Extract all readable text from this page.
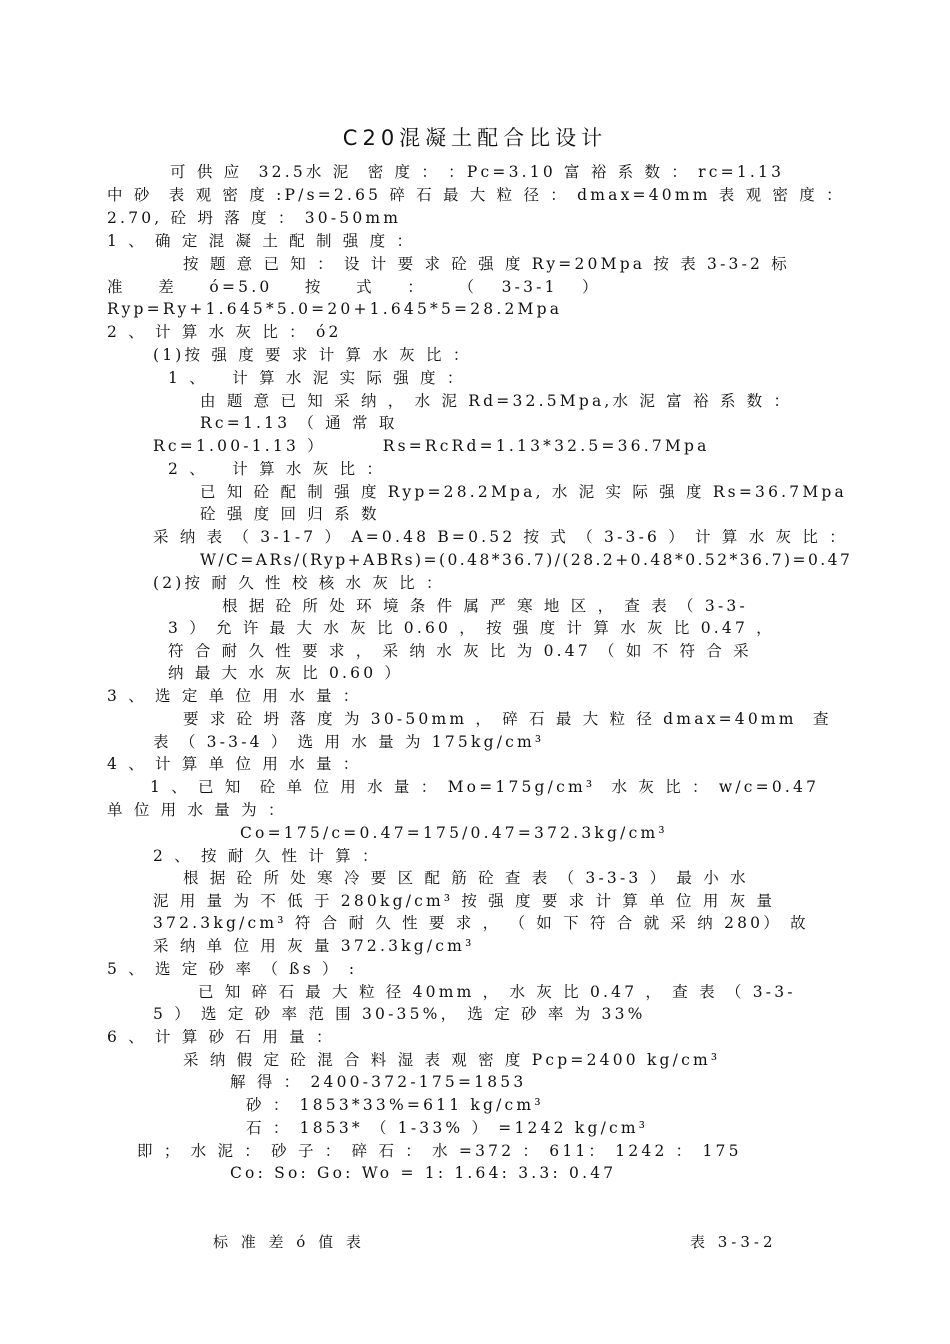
C20混凝土配合比设计
可 供 应  32.5水 泥  密 度 ： ：Pc=3.10 富 裕 系 数 ： rc=1.13
中 砂  表 观 密 度 :P/s=2.65 碎 石 最 大 粒 径 ： dmax=40mm 表 观 密 度 ：
2.70, 砼 坍 落 度 ： 30-50mm
1 、 确 定 混 凝 土 配 制 强 度 ：
按 题 意 已 知 ： 设 计 要 求 砼 强 度 Ry=20Mpa 按 表 3-3-2 标
准    差    ó=5.0    按    式    ：    （   3-3-1   ）
Ryp=Ry+1.645*5.0=20+1.645*5=28.2Mpa
2 、 计 算 水 灰 比 ： ó2
(1)按 强 度 要 求 计 算 水 灰 比 ：
1 、   计 算 水 泥 实 际 强 度 ：
由 题 意 已 知 采 纳 ， 水 泥 Rd=32.5Mpa,水 泥 富 裕 系 数 ：
Rc=1.13 （ 通 常 取
Rc=1.00-1.13 ）       Rs=RcRd=1.13*32.5=36.7Mpa
2 、   计 算 水 灰 比 ：
已 知 砼 配 制 强 度 Ryp=28.2Mpa, 水 泥 实 际 强 度 Rs=36.7Mpa
砼 强 度 回 归 系 数
采 纳 表 （ 3-1-7 ） A=0.48 B=0.52 按 式 （ 3-3-6 ） 计 算 水 灰 比 ：
W/C=ARs/(Ryp+ABRs)=(0.48*36.7)/(28.2+0.48*0.52*36.7)=0.47
(2)按 耐 久 性 校 核 水 灰 比 ：
根 据 砼 所 处 环 境 条 件 属 严 寒 地 区 ， 查 表 （ 3-3-
3 ） 允 许 最 大 水 灰 比 0.60 ， 按 强 度 计 算 水 灰 比 0.47 ，
符 合 耐 久 性 要 求 ， 采 纳 水 灰 比 为 0.47 （ 如 不 符 合 采
纳 最 大 水 灰 比 0.60 ）
3 、 选 定 单 位 用 水 量 ：
要 求 砼 坍 落 度 为 30-50mm ， 碎 石 最 大 粒 径 dmax=40mm  查
表 （ 3-3-4 ） 选 用 水 量 为 175kg/cm³
4 、 计 算 单 位 用 水 量 ：
1 、 已 知  砼 单 位 用 水 量 ： Mo=175g/cm³  水 灰 比 ： w/c=0.47
单 位 用 水 量 为 ：
Co=175/c=0.47=175/0.47=372.3kg/cm³
2 、 按 耐 久 性 计 算 ：
根 据 砼 所 处 寒 冷 要 区 配 筋 砼 查 表 （ 3-3-3 ） 最 小 水
泥 用 量 为 不 低 于 280kg/cm³ 按 强 度 要 求 计 算 单 位 用 灰 量
372.3kg/cm³ 符 合 耐 久 性 要 求 ， （ 如 下 符 合 就 采 纳 280） 故
采 纳 单 位 用 灰 量 372.3kg/cm³
5 、 选 定 砂 率 （ ßs ） :
已 知 碎 石 最 大 粒 径 40mm ， 水 灰 比 0.47 ， 查 表 （ 3-3-
5 ） 选 定 砂 率 范 围 30-35%， 选 定 砂 率 为 33%
6 、 计 算 砂 石 用 量 ：
采 纳 假 定 砼 混 合 料 湿 表 观 密 度 Pcp=2400 kg/cm³
解 得 ： 2400-372-175=1853
砂 ： 1853*33%=611 kg/cm³
石 ： 1853* （ 1-33% ） =1242 kg/cm³
即 ； 水 泥 ： 砂 子 ： 碎 石 ： 水 =372 ： 611： 1242 ： 175
Co: So: Go: Wo = 1: 1.64: 3.3: 0.47
标 准 差 ó 值 表	表 3-3-2
